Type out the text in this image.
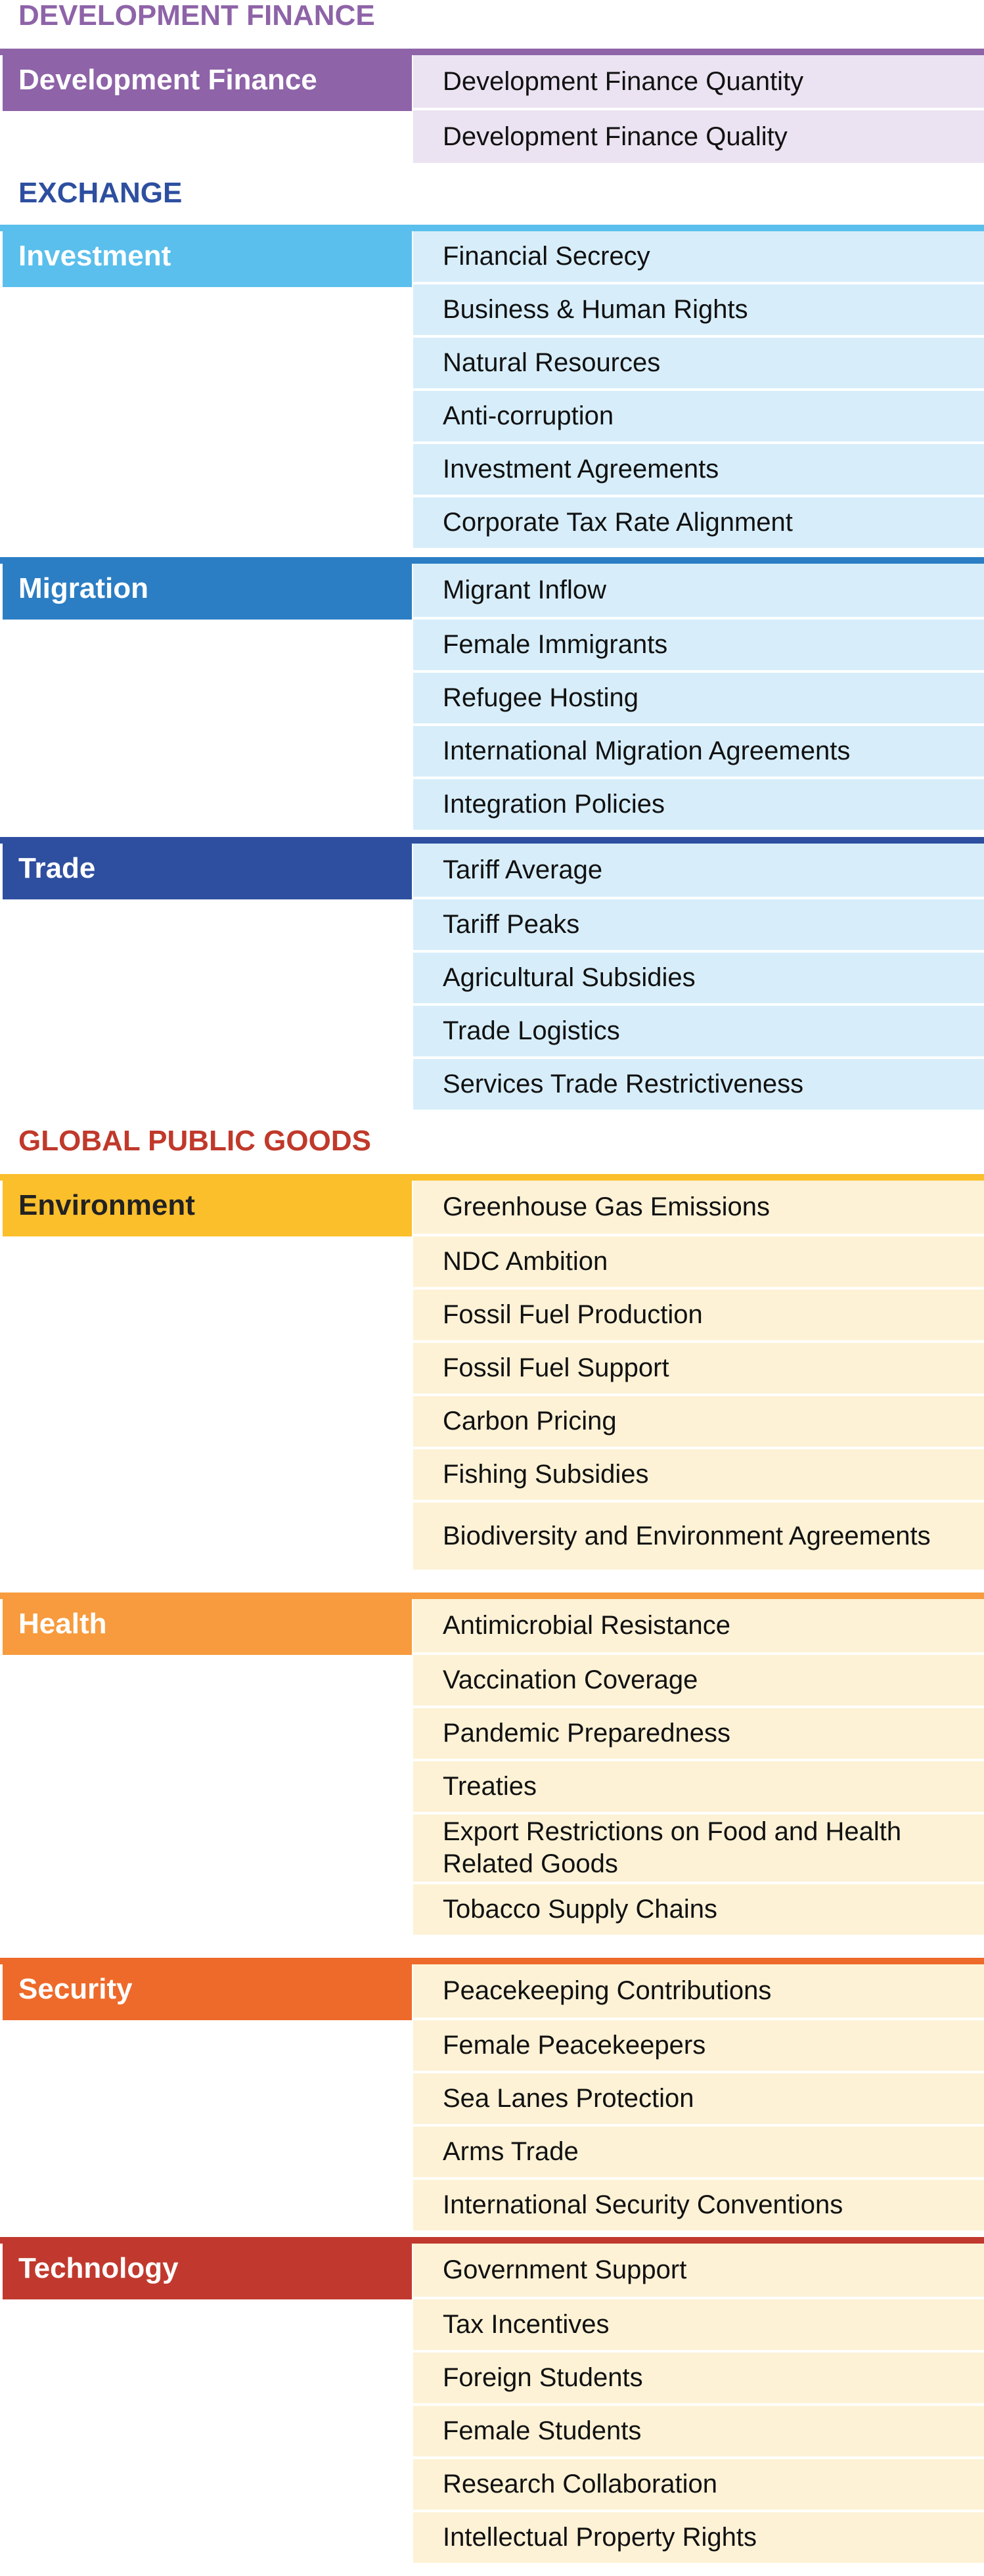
DEVELOPMENT FINANCE
Development Finance	Development Finance Quantity
Development Finance Quality
EXCHANGE
Investment	Financial Secrecy
Business & Human Rights
Natural Resources
Anti-corruption
Investment Agreements
Corporate Tax Rate Alignment
Migration	Migrant Inflow
Female Immigrants
Refugee Hosting
International Migration Agreements
Integration Policies
Trade	Tariff Average
Tariff Peaks
Agricultural Subsidies
Trade Logistics
Services Trade Restrictiveness
GLOBAL PUBLIC GOODS
Environment	Greenhouse Gas Emissions
NDC Ambition
Fossil Fuel Production
Fossil Fuel Support
Carbon Pricing
Fishing Subsidies
Biodiversity and Environment Agreements
Health	Antimicrobial Resistance
Vaccination Coverage
Pandemic Preparedness
Treaties
Export Restrictions on Food and Health Related Goods
Tobacco Supply Chains
Security	Peacekeeping Contributions
Female Peacekeepers
Sea Lanes Protection
Arms Trade
International Security Conventions
Technology	Government Support
Tax Incentives
Foreign Students
Female Students
Research Collaboration
Intellectual Property Rights
